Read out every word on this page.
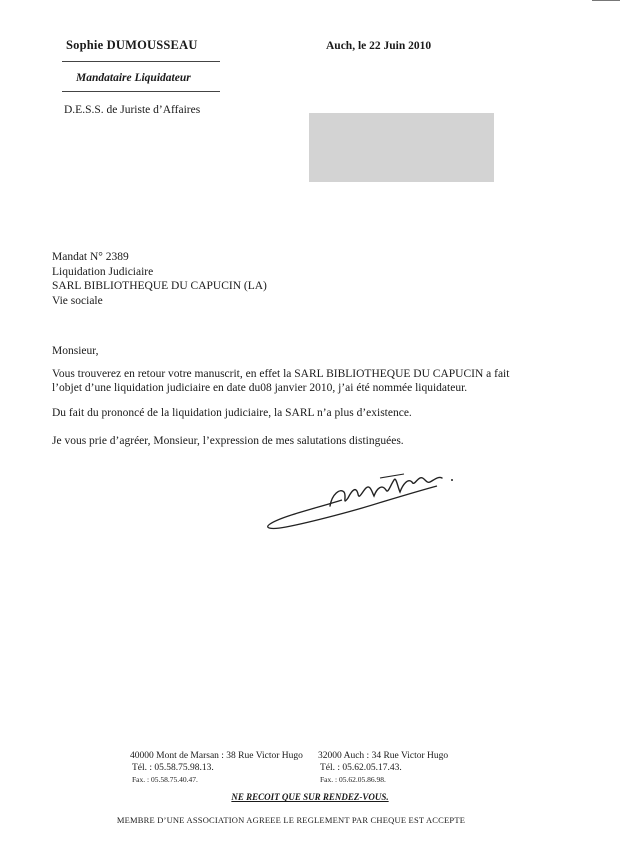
Sophie DUMOUSSEAU
Mandataire Liquidateur
D.E.S.S. de Juriste d’Affaires
Auch, le 22 Juin 2010
Mandat N° 2389
Liquidation Judiciaire
SARL BIBLIOTHEQUE DU CAPUCIN (LA)
Vie sociale
Monsieur,
Vous trouverez en retour votre manuscrit, en effet la SARL BIBLIOTHEQUE DU CAPUCIN a fait
l’objet d’une liquidation judiciaire en date du08 janvier 2010, j’ai été nommée liquidateur.
Du fait du prononcé de la liquidation judiciaire, la SARL n’a plus d’existence.
Je vous prie d’agréer, Monsieur, l’expression de mes salutations distinguées.
40000 Mont de Marsan : 38 Rue Victor Hugo
Tél. : 05.58.75.98.13.
Fax. : 05.58.75.40.47.
32000 Auch : 34 Rue Victor Hugo
Tél. : 05.62.05.17.43.
Fax. : 05.62.05.86.98.
NE RECOIT QUE SUR RENDEZ-VOUS.
MEMBRE D’UNE ASSOCIATION AGREEE LE REGLEMENT PAR CHEQUE EST ACCEPTE
